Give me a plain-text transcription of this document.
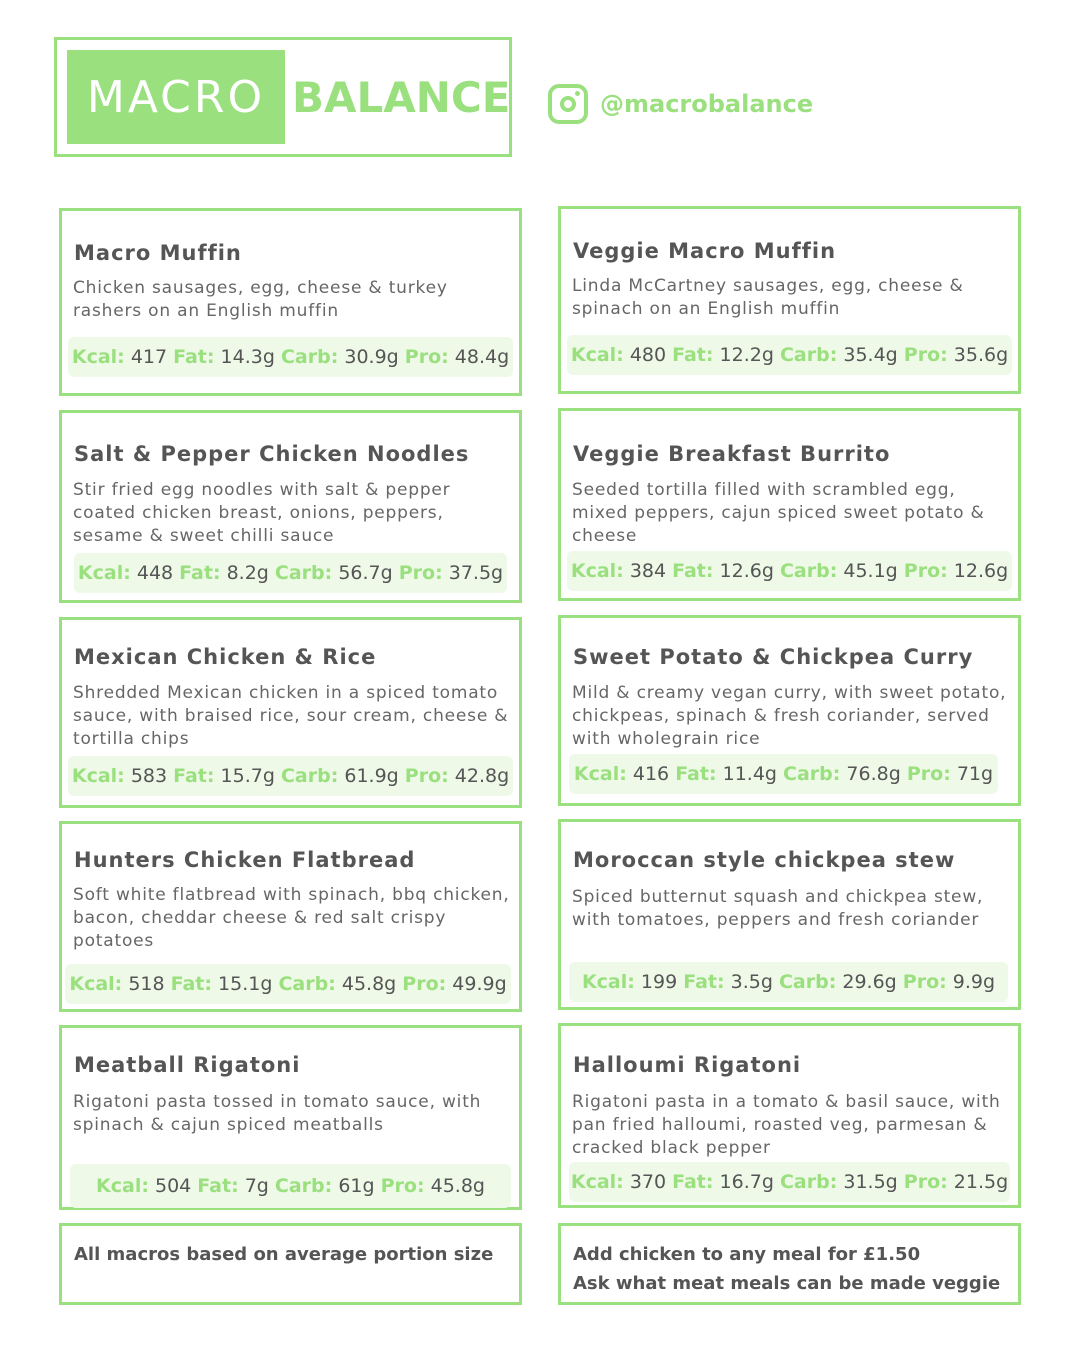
MACRO BALANCE	@macrobalance
Macro Muffin
Chicken sausages, egg, cheese & turkey rashers on an English muffin
Kcal:
417
Fat:
14.3g
Carb:
30.9g
Pro:
48.4g
Veggie Macro Muffin
Linda McCartney sausages, egg, cheese & spinach on an English muffin
Kcal:
480
Fat:
12.2g
Carb:
35.4g
Pro:
35.6g
Salt & Pepper Chicken Noodles
Stir fried egg noodles with salt & pepper coated chicken breast, onions, peppers, sesame & sweet chilli sauce
Kcal:
448
Fat:
8.2g
Carb:
56.7g
Pro:
37.5g
Veggie Breakfast Burrito
Seeded tortilla filled with scrambled egg, mixed peppers, cajun spiced sweet potato & cheese
Kcal:
384
Fat:
12.6g
Carb:
45.1g
Pro:
12.6g
Mexican Chicken & Rice
Shredded Mexican chicken in a spiced tomato sauce, with braised rice, sour cream, cheese & tortilla chips
Kcal:
583
Fat:
15.7g
Carb:
61.9g
Pro:
42.8g
Sweet Potato & Chickpea Curry
Mild & creamy vegan curry, with sweet potato, chickpeas, spinach & fresh coriander, served with wholegrain rice
Kcal:
416
Fat:
11.4g
Carb:
76.8g
Pro:
71g
Hunters Chicken Flatbread
Soft white flatbread with spinach, bbq chicken, bacon, cheddar cheese & red salt crispy potatoes
Kcal:
518
Fat:
15.1g
Carb:
45.8g
Pro:
49.9g
Moroccan style chickpea stew
Spiced butternut squash and chickpea stew, with tomatoes, peppers and fresh coriander
Kcal:
199
Fat:
3.5g
Carb:
29.6g
Pro:
9.9g
Meatball Rigatoni
Rigatoni pasta tossed in tomato sauce, with spinach & cajun spiced meatballs
Kcal:
504
Fat:
7g
Carb:
61g
Pro:
45.8g
Halloumi Rigatoni
Rigatoni pasta in a tomato & basil sauce, with pan fried halloumi, roasted veg, parmesan & cracked black pepper
Kcal:
370
Fat:
16.7g
Carb:
31.5g
Pro:
21.5g
All macros based on average portion size	Add chicken to any meal for £1.50
Ask what meat meals can be made veggie
